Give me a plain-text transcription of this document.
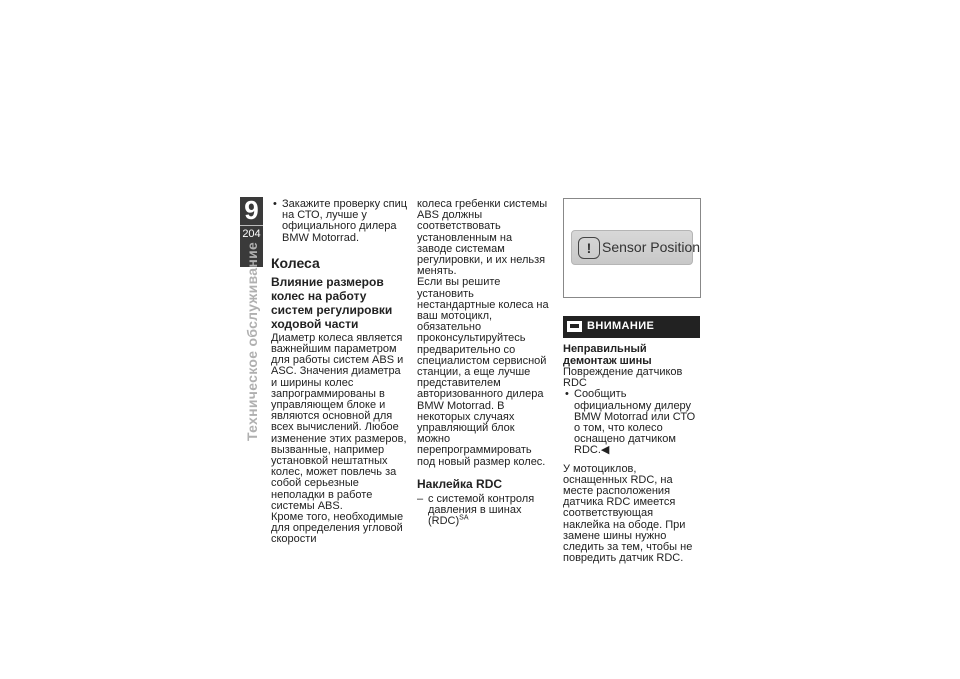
9
204
Техническое обслуживание
• Закажите проверку спиц на СТО, лучше у официального дилера BMW Motorrad.
Колеса
Влияние размеров колес на работу систем регулировки ходовой части

Диаметр колеса является важнейшим параметром для работы систем ABS и ASC. Значения диаметра и ширины колес запрограммированы в управляющем блоке и являются основной для всех вычислений. Любое изменение этих размеров, вызванные, например установкой нештатных колес, может повлечь за собой серьезные неполадки в работе системы ABS.

Кроме того, необходимые для определения угловой скорости

колеса гребенки системы ABS должны соответствовать установленным на заводе системам регулировки, и их нельзя менять.

Если вы решите установить нестандартные колеса на ваш мотоцикл, обязательно проконсультируйтесь предварительно со специалистом сервисной станции, а еще лучше представителем авторизованного дилера BMW Motorrad. В некоторых случаях управляющий блок можно перепрограммировать под новый размер колес.

Наклейка RDC
– с системой контроля давления в шинах (RDC)$^{SA}$
! Sensor Position
ВНИМАНИЕ
Неправильный демонтаж шины
Повреждение датчиков RDC
• Сообщить официальному дилеру BMW Motorrad или СТО о том, что колесо оснащено датчиком RDC.◀

У мотоциклов, оснащенных RDC, на месте расположения датчика RDC имеется соответствующая наклейка на ободе. При замене шины нужно следить за тем, чтобы не повредить датчик RDC.
